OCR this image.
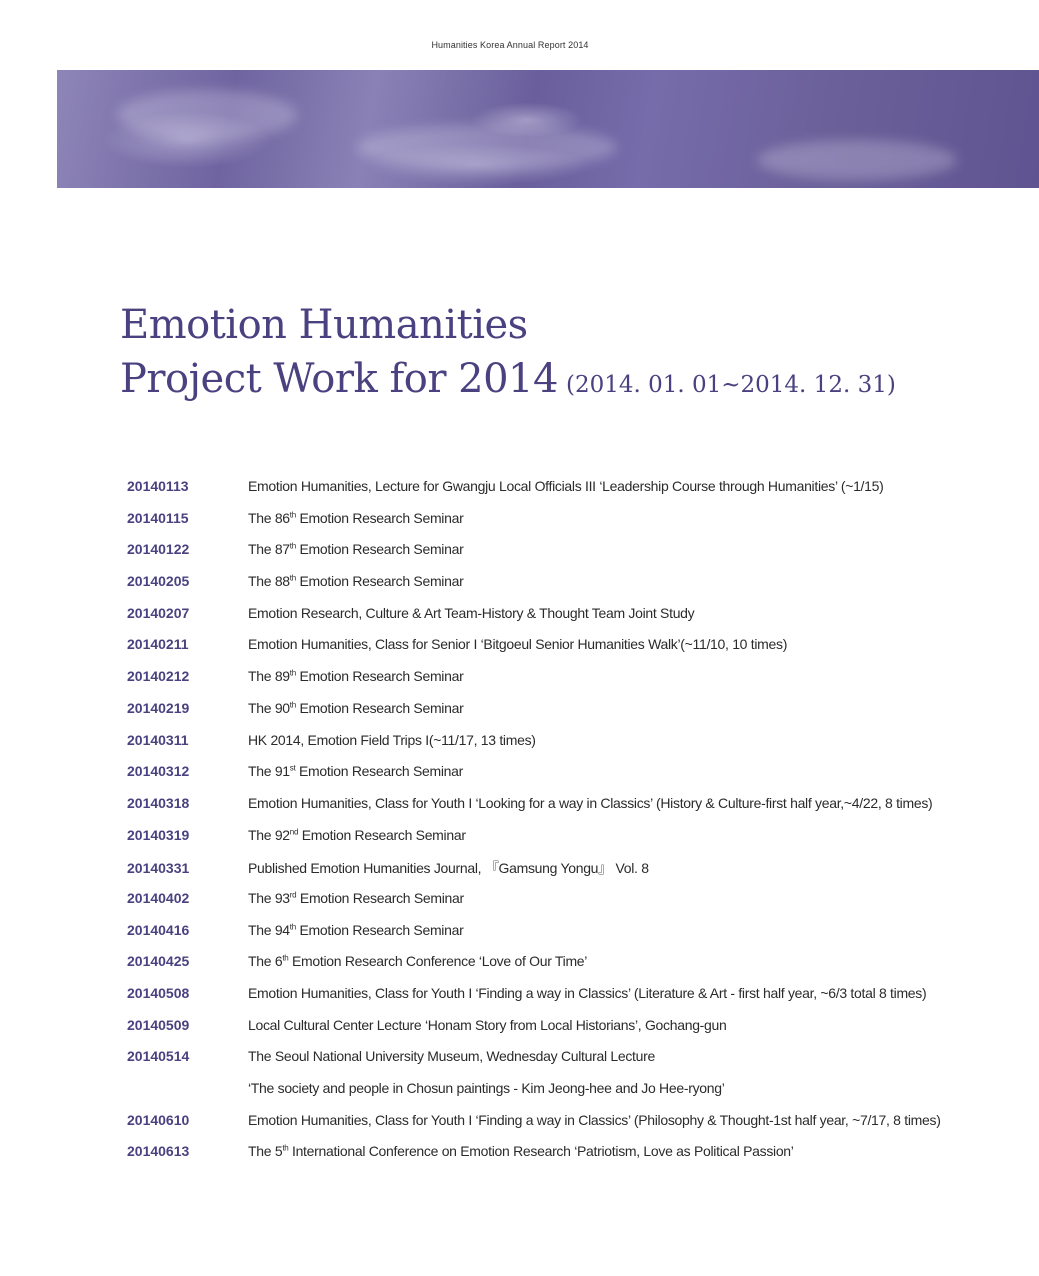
Humanities Korea Annual Report 2014
Emotion Humanities
Project Work for 2014 (2014. 01. 01~2014. 12. 31)
20140113	Emotion Humanities, Lecture for Gwangju Local Officials III ‘Leadership Course through Humanities’ (~1/15)
20140115	The 86th Emotion Research Seminar
20140122	The 87th Emotion Research Seminar
20140205	The 88th Emotion Research Seminar
20140207	Emotion Research, Culture & Art Team-History & Thought Team Joint Study
20140211	Emotion Humanities, Class for Senior I ‘Bitgoeul Senior Humanities Walk’(~11/10, 10 times)
20140212	The 89th Emotion Research Seminar
20140219	The 90th Emotion Research Seminar
20140311	HK 2014, Emotion Field Trips I(~11/17, 13 times)
20140312	The 91st Emotion Research Seminar
20140318	Emotion Humanities, Class for Youth I ‘Looking for a way in Classics’ (History & Culture-first half year,~4/22, 8 times)
20140319	The 92nd Emotion Research Seminar
20140331	Published Emotion Humanities Journal, 『Gamsung Yongu』 Vol. 8
20140402	The 93rd Emotion Research Seminar
20140416	The 94th Emotion Research Seminar
20140425	The 6th Emotion Research Conference ‘Love of Our Time’
20140508	Emotion Humanities, Class for Youth I ‘Finding a way in Classics’ (Literature & Art - first half year, ~6/3 total 8 times)
20140509	Local Cultural Center Lecture ‘Honam Story from Local Historians’, Gochang-gun
20140514	The Seoul National University Museum, Wednesday Cultural Lecture
‘The society and people in Chosun paintings - Kim Jeong-hee and Jo Hee-ryong’
20140610	Emotion Humanities, Class for Youth I ‘Finding a way in Classics’ (Philosophy & Thought-1st half year, ~7/17, 8 times)
20140613	The 5th International Conference on Emotion Research ‘Patriotism, Love as Political Passion’
